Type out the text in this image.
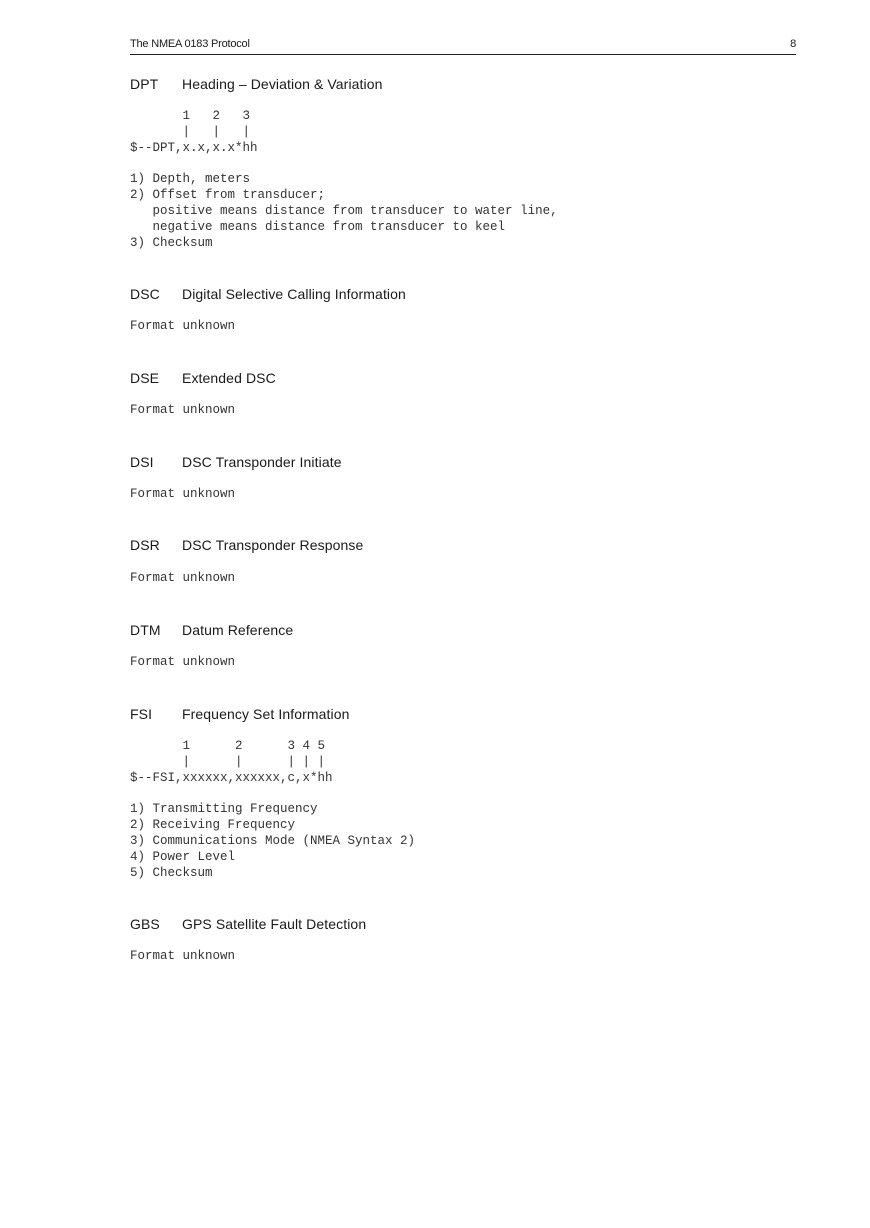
The NMEA 0183 Protocol	8
DPT Heading – Deviation & Variation
1   2   3
|   |   |
$--DPT,x.x,x.x*hh
1) Depth, meters
2) Offset from transducer;
positive means distance from transducer to water line,
negative means distance from transducer to keel
3) Checksum
DSC Digital Selective Calling Information
Format unknown
DSE Extended DSC
Format unknown
DSI DSC Transponder Initiate
Format unknown
DSR DSC Transponder Response
Format unknown
DTM Datum Reference
Format unknown
FSI Frequency Set Information
1      2      3 4 5
|      |      | | |
$--FSI,xxxxxx,xxxxxx,c,x*hh
1) Transmitting Frequency
2) Receiving Frequency
3) Communications Mode (NMEA Syntax 2)
4) Power Level
5) Checksum
GBS GPS Satellite Fault Detection
Format unknown
